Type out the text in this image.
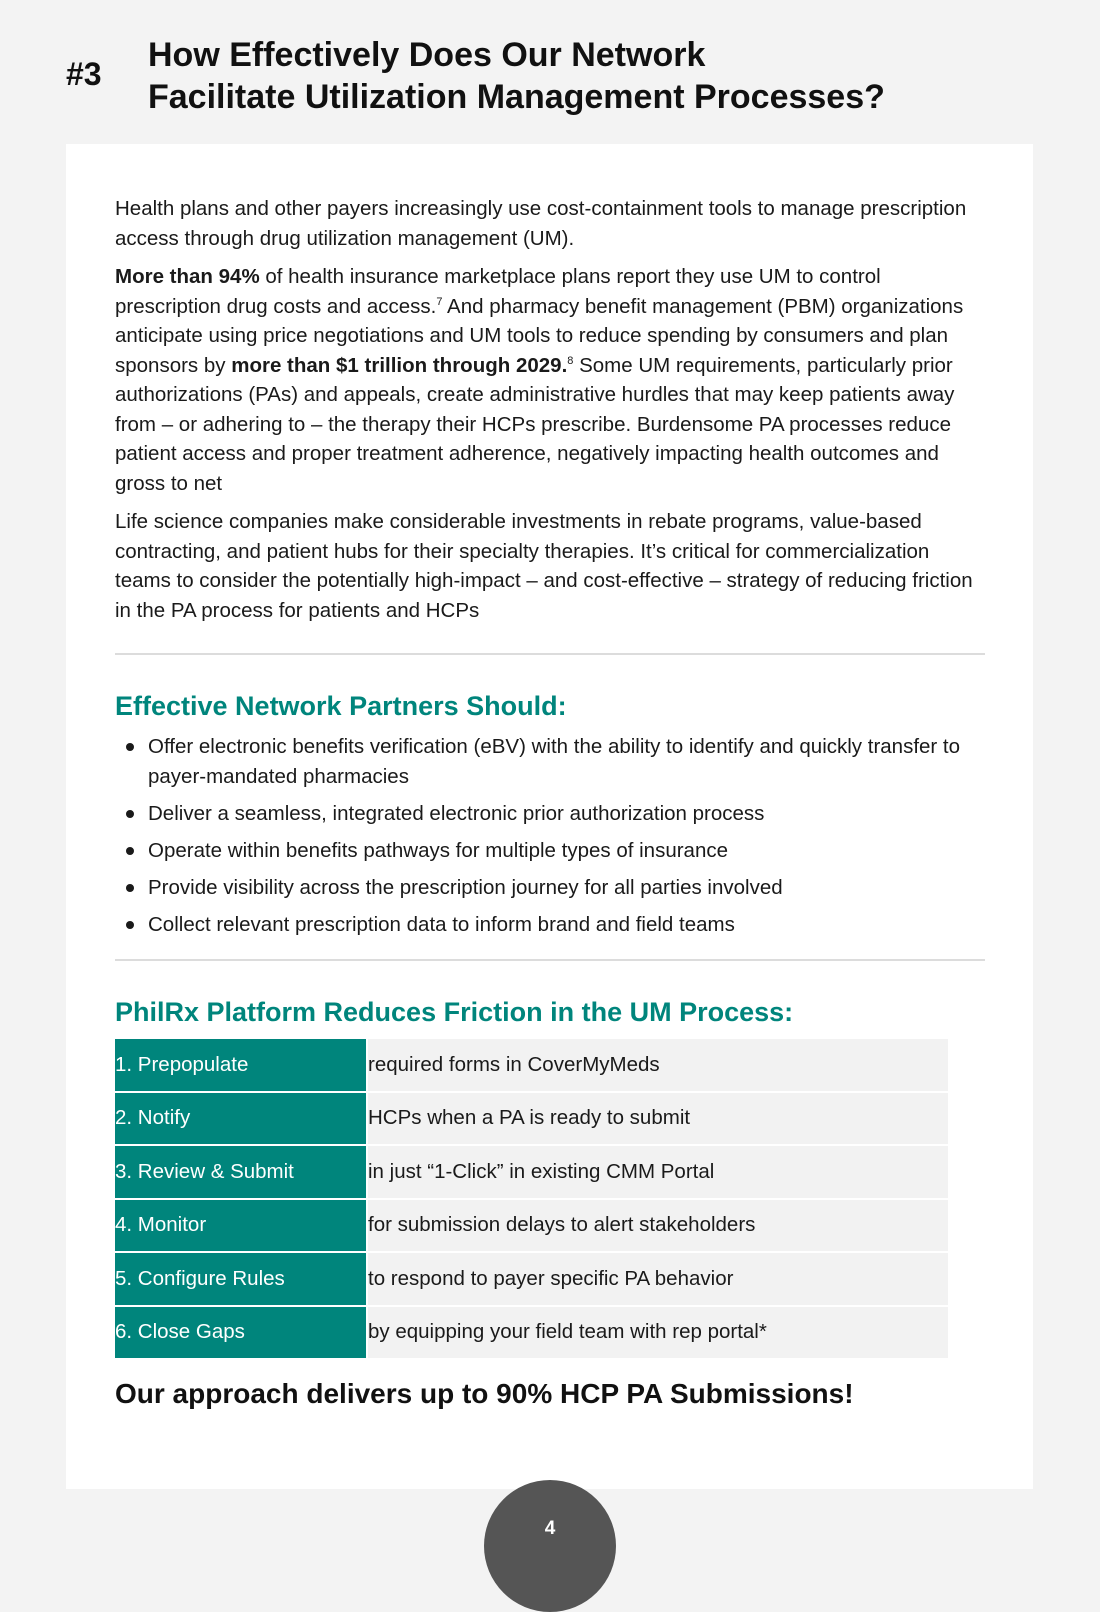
#3 How Effectively Does Our Network
Facilitate Utilization Management Processes?

Health plans and other payers increasingly use cost-containment tools to manage prescription access through drug utilization management (UM).

More than 94% of health insurance marketplace plans report they use UM to control prescription drug costs and access.$^7$ And pharmacy benefit management (PBM) organizations anticipate using price negotiations and UM tools to reduce spending by consumers and plan sponsors by more than $1 trillion through 2029.$^8$ Some UM requirements, particularly prior authorizations (PAs) and appeals, create administrative hurdles that may keep patients away from – or adhering to – the therapy their HCPs prescribe. Burdensome PA processes reduce patient access and proper treatment adherence, negatively impacting health outcomes and gross to net

Life science companies make considerable investments in rebate programs, value-based contracting, and patient hubs for their specialty therapies. It’s critical for commercialization teams to consider the potentially high-impact – and cost-effective – strategy of reducing friction in the PA process for patients and HCPs

Effective Network Partners Should:
Offer electronic benefits verification (eBV) with the ability to identify and quickly transfer to payer-mandated pharmacies
Deliver a seamless, integrated electronic prior authorization process
Operate within benefits pathways for multiple types of insurance
Provide visibility across the prescription journey for all parties involved
Collect relevant prescription data to inform brand and field teams
PhilRx Platform Reduces Friction in the UM Process:
1. Prepopulate	required forms in CoverMyMeds
2. Notify	HCPs when a PA is ready to submit
3. Review & Submit	in just “1-Click” in existing CMM Portal
4. Monitor	for submission delays to alert stakeholders
5. Configure Rules	to respond to payer specific PA behavior
6. Close Gaps	by equipping your field team with rep portal*
Our approach delivers up to 90% HCP PA Submissions!
4
